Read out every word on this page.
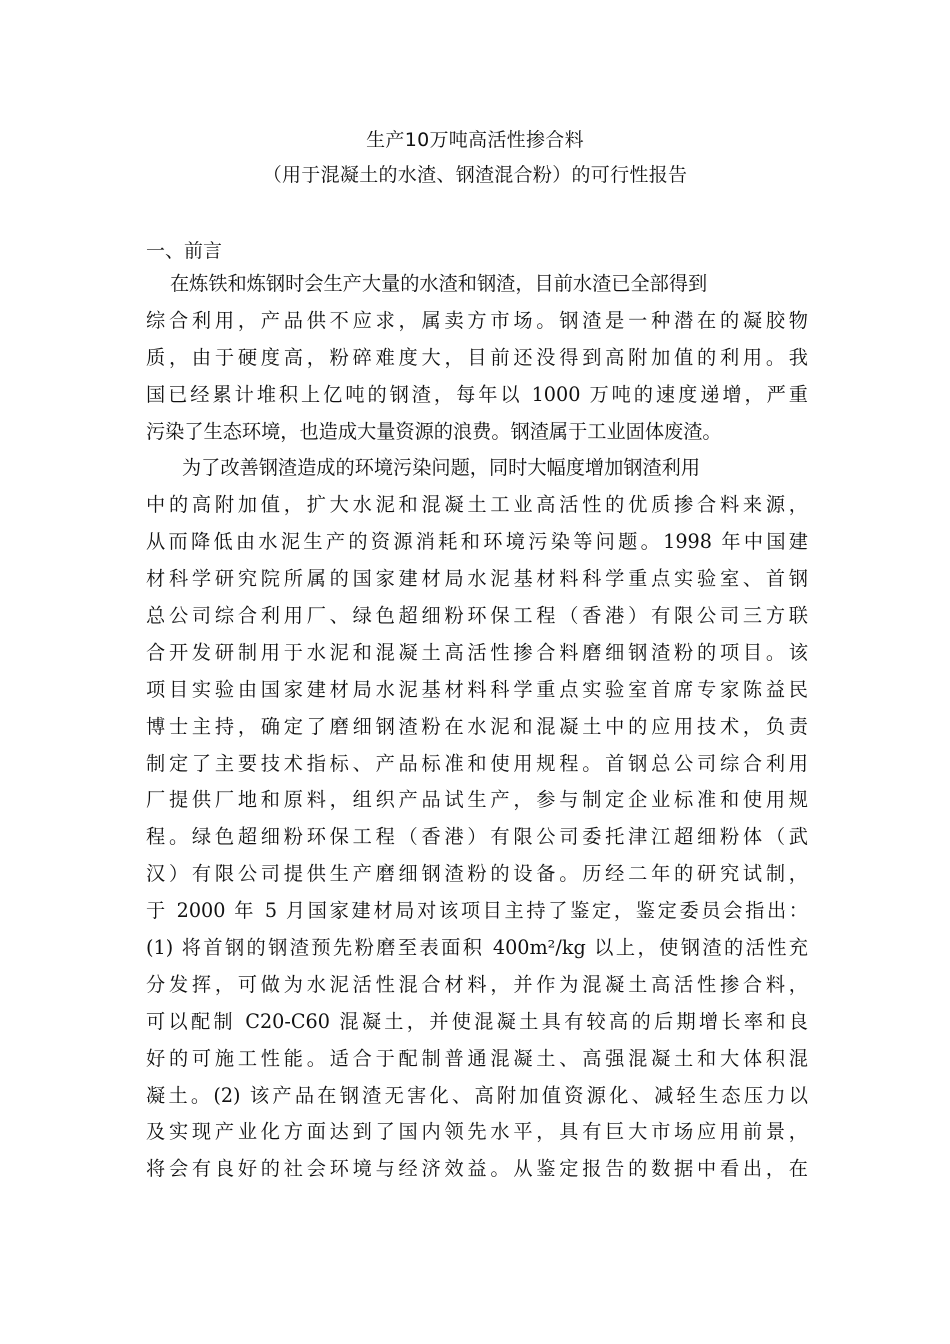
生产10万吨高活性掺合料
（用于混凝土的水渣、钢渣混合粉）的可行性报告
一、前言
在炼铁和炼钢时会生产大量的水渣和钢渣，目前水渣已全部得到
综合利用，产品供不应求，属卖方市场。钢渣是一种潜在的凝胶物
质，由于硬度高，粉碎难度大，目前还没得到高附加值的利用。我
国已经累计堆积上亿吨的钢渣，每年以 1000 万吨的速度递增，严重
污染了生态环境，也造成大量资源的浪费。钢渣属于工业固体废渣。
为了改善钢渣造成的环境污染问题，同时大幅度增加钢渣利用
中的高附加值，扩大水泥和混凝土工业高活性的优质掺合料来源，
从而降低由水泥生产的资源消耗和环境污染等问题。1998 年中国建
材科学研究院所属的国家建材局水泥基材料科学重点实验室、首钢
总公司综合利用厂、绿色超细粉环保工程（香港）有限公司三方联
合开发研制用于水泥和混凝土高活性掺合料磨细钢渣粉的项目。该
项目实验由国家建材局水泥基材料科学重点实验室首席专家陈益民
博士主持，确定了磨细钢渣粉在水泥和混凝土中的应用技术，负责
制定了主要技术指标、产品标准和使用规程。首钢总公司综合利用
厂提供厂地和原料，组织产品试生产，参与制定企业标准和使用规
程。绿色超细粉环保工程（香港）有限公司委托津江超细粉体（武
汉）有限公司提供生产磨细钢渣粉的设备。历经二年的研究试制，
于 2000 年 5 月国家建材局对该项目主持了鉴定，鉴定委员会指出：
(1) 将首钢的钢渣预先粉磨至表面积 400m²/kg 以上，使钢渣的活性充
分发挥，可做为水泥活性混合材料，并作为混凝土高活性掺合料，
可以配制 C20-C60 混凝土，并使混凝土具有较高的后期增长率和良
好的可施工性能。适合于配制普通混凝土、高强混凝土和大体积混
凝土。(2) 该产品在钢渣无害化、高附加值资源化、减轻生态压力以
及实现产业化方面达到了国内领先水平，具有巨大市场应用前景，
将会有良好的社会环境与经济效益。从鉴定报告的数据中看出，在
